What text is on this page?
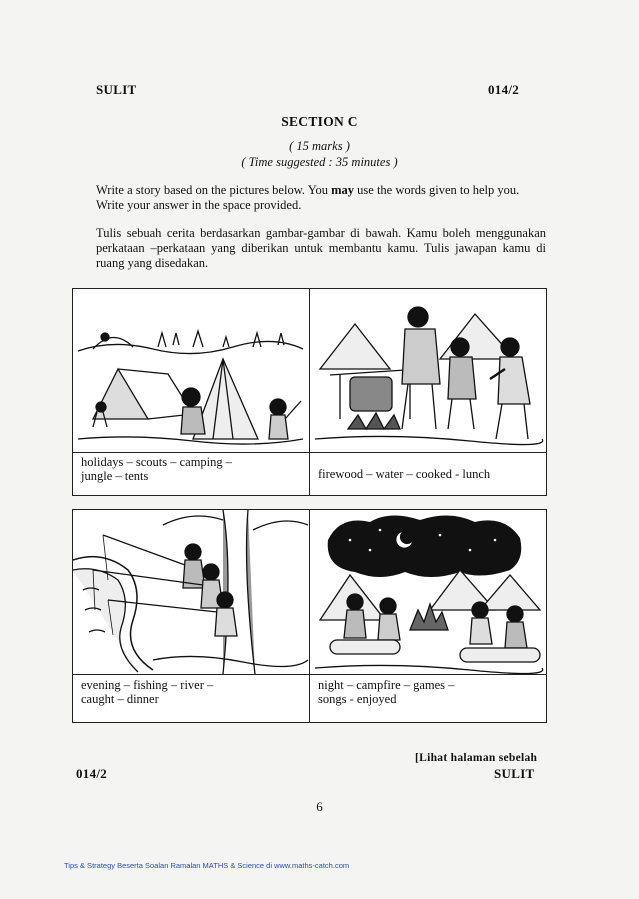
SULIT	014/2
SECTION C
( 15 marks )
( Time suggested : 35 minutes )
Write a story based on the pictures below. You may use the words given to help you.
Write your answer in the space provided.
Tulis sebuah cerita berdasarkan gambar-gambar di bawah. Kamu boleh menggunakan perkataan –perkataan yang diberikan untuk membantu kamu. Tulis jawapan kamu di ruang yang disedakan.
holidays – scouts – camping –
jungle – tents	firewood – water – cooked - lunch
evening – fishing – river –
caught – dinner
night – campfire – games –
songs - enjoyed
[Lihat halaman sebelah
SULIT
014/2
6
Tips & Strategy Beserta Soalan Ramalan MATHS & Science di www.maths-catch.com
